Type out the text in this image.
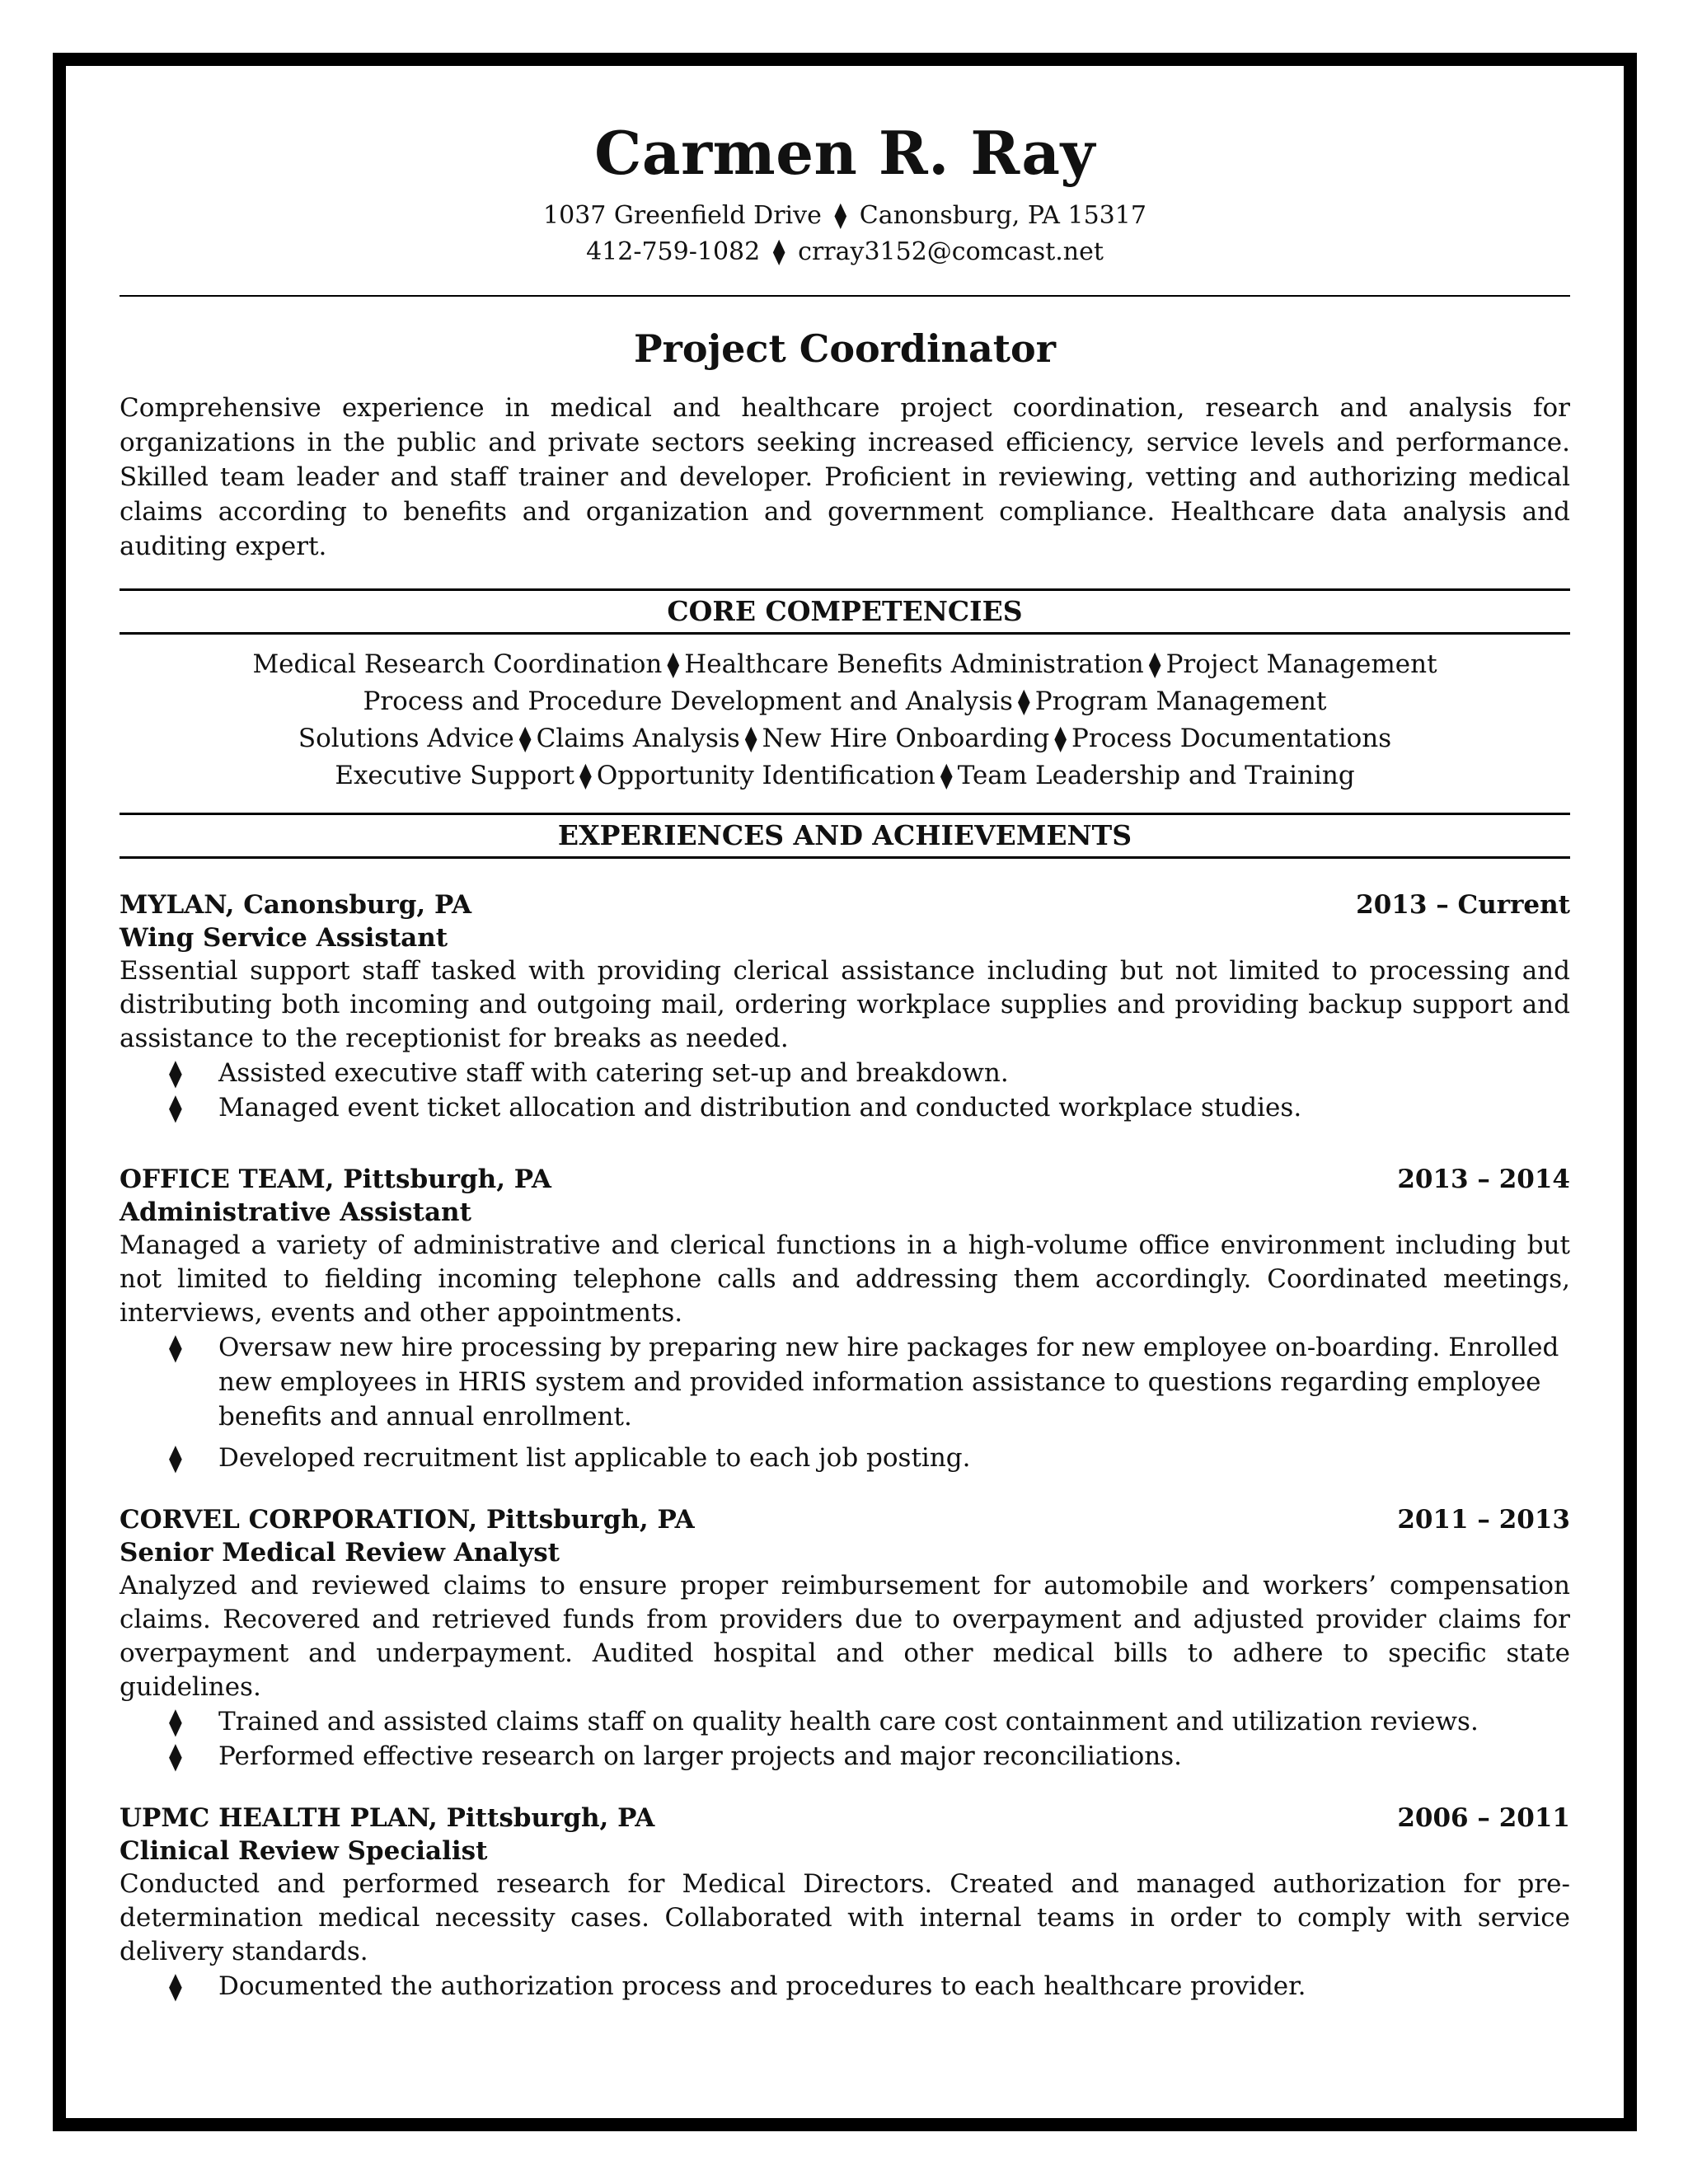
Carmen R. Ray
1037 Greenfield Drive ⧫ Canonsburg, PA 15317
412-759-1082 ⧫ crray3152@comcast.net
Project Coordinator
Comprehensive experience in medical and healthcare project coordination, research and analysis for organizations in the public and private sectors seeking increased efficiency, service levels and performance. Skilled team leader and staff trainer and developer. Proficient in reviewing, vetting and authorizing medical claims according to benefits and organization and government compliance. Healthcare data analysis and auditing expert.
CORE COMPETENCIES
Medical Research Coordination ⧫ Healthcare Benefits Administration ⧫ Project Management
Process and Procedure Development and Analysis ⧫ Program Management
Solutions Advice ⧫ Claims Analysis ⧫ New Hire Onboarding ⧫ Process Documentations
Executive Support ⧫ Opportunity Identification ⧫ Team Leadership and Training
EXPERIENCES AND ACHIEVEMENTS
MYLAN, Canonsburg, PA	2013 – Current
Wing Service Assistant
Essential support staff tasked with providing clerical assistance including but not limited to processing and distributing both incoming and outgoing mail, ordering workplace supplies and providing backup support and assistance to the receptionist for breaks as needed.
⧫ Assisted executive staff with catering set-up and breakdown.
⧫ Managed event ticket allocation and distribution and conducted workplace studies.
OFFICE TEAM, Pittsburgh, PA	2013 – 2014
Administrative Assistant
Managed a variety of administrative and clerical functions in a high-volume office environment including but not limited to fielding incoming telephone calls and addressing them accordingly. Coordinated meetings, interviews, events and other appointments.
⧫ Oversaw new hire processing by preparing new hire packages for new employee on-boarding. Enrolled new employees in HRIS system and provided information assistance to questions regarding employee benefits and annual enrollment.
⧫ Developed recruitment list applicable to each job posting.
CORVEL CORPORATION, Pittsburgh, PA	2011 – 2013
Senior Medical Review Analyst
Analyzed and reviewed claims to ensure proper reimbursement for automobile and workers’ compensation claims. Recovered and retrieved funds from providers due to overpayment and adjusted provider claims for overpayment and underpayment. Audited hospital and other medical bills to adhere to specific state guidelines.
⧫ Trained and assisted claims staff on quality health care cost containment and utilization reviews.
⧫ Performed effective research on larger projects and major reconciliations.
UPMC HEALTH PLAN, Pittsburgh, PA	2006 – 2011
Clinical Review Specialist
Conducted and performed research for Medical Directors. Created and managed authorization for pre-determination medical necessity cases. Collaborated with internal teams in order to comply with service delivery standards.
⧫ Documented the authorization process and procedures to each healthcare provider.
